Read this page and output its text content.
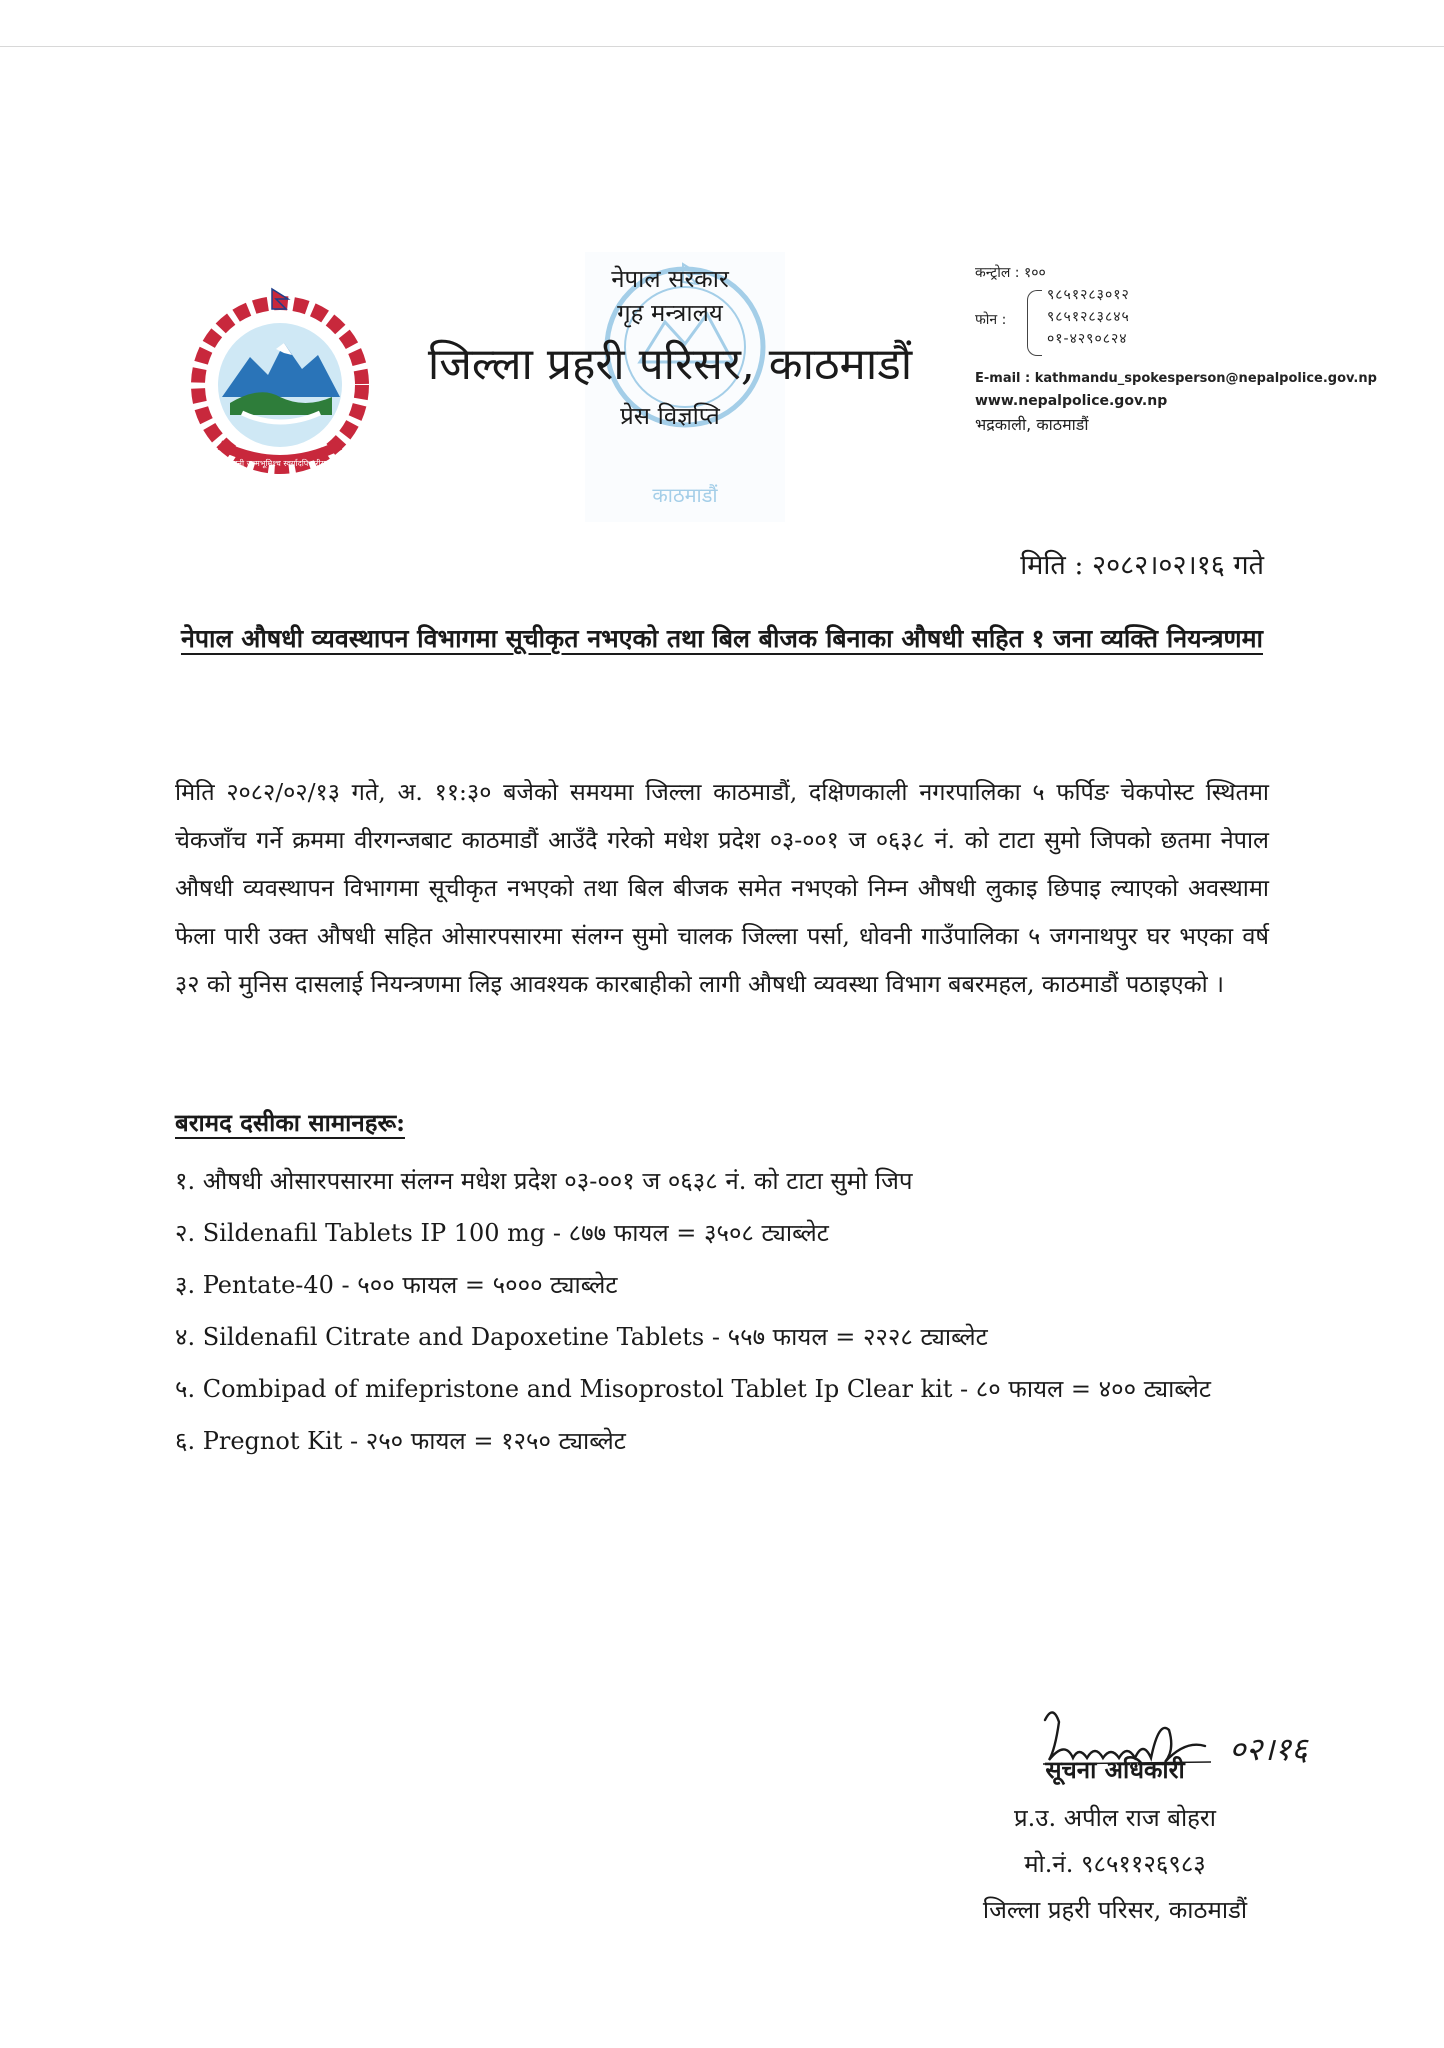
जननी जन्मभूमिश्च स्वर्गादपि गरीयसी
काठमाडौं
नेपाल सरकार
गृह मन्त्रालय
जिल्ला प्रहरी परिसर, काठमाडौं
प्रेस विज्ञप्ति
कन्ट्रोल : १००
फोन :
९८५१२८३०१२
९८५१२८३८४५
०१-४२९०८२४
E-mail : kathmandu_spokesperson@nepalpolice.gov.np
www.nepalpolice.gov.np
भद्रकाली, काठमाडौं
मिति : २०८२।०२।१६ गते
नेपाल औषधी व्यवस्थापन विभागमा सूचीकृत नभएको तथा बिल बीजक बिनाका औषधी सहित १ जना व्यक्ति नियन्त्रणमा
मिति २०८२/०२/१३ गते, अ. ११:३० बजेको समयमा जिल्ला काठमाडौं, दक्षिणकाली नगरपालिका ५ फर्पिङ चेकपोस्ट स्थितमा चेकजाँच गर्ने क्रममा वीरगन्जबाट काठमाडौं आउँदै गरेको मधेश प्रदेश ०३-००१ ज ०६३८ नं. को टाटा सुमो जिपको छतमा नेपाल औषधी व्यवस्थापन विभागमा सूचीकृत नभएको तथा बिल बीजक समेत नभएको निम्न औषधी लुकाइ छिपाइ ल्याएको अवस्थामा फेला पारी उक्त औषधी सहित ओसारपसारमा संलग्न सुमो चालक जिल्ला पर्सा, धोवनी गाउँपालिका ५ जगनाथपुर घर भएका वर्ष ३२ को मुनिस दासलाई नियन्त्रणमा लिइ आवश्यक कारबाहीको लागी औषधी व्यवस्था विभाग बबरमहल, काठमाडौं पठाइएको ।
बरामद दसीका सामानहरू:
१. औषधी ओसारपसारमा संलग्न मधेश प्रदेश ०३-००१ ज ०६३८ नं. को टाटा सुमो जिप
२. Sildenafil Tablets IP 100 mg - ८७७ फायल = ३५०८ ट्याब्लेट
३. Pentate-40 - ५०० फायल = ५००० ट्याब्लेट
४. Sildenafil Citrate and Dapoxetine Tablets - ५५७ फायल = २२२८ ट्याब्लेट
५. Combipad of mifepristone and Misoprostol Tablet Ip Clear kit - ८० फायल = ४०० ट्याब्लेट
६. Pregnot Kit - २५० फायल = १२५० ट्याब्लेट
०२।१६
सूचना अधिकारी
प्र.उ. अपील राज बोहरा
मो.नं. ९८५११२६९८३
जिल्ला प्रहरी परिसर, काठमाडौं
